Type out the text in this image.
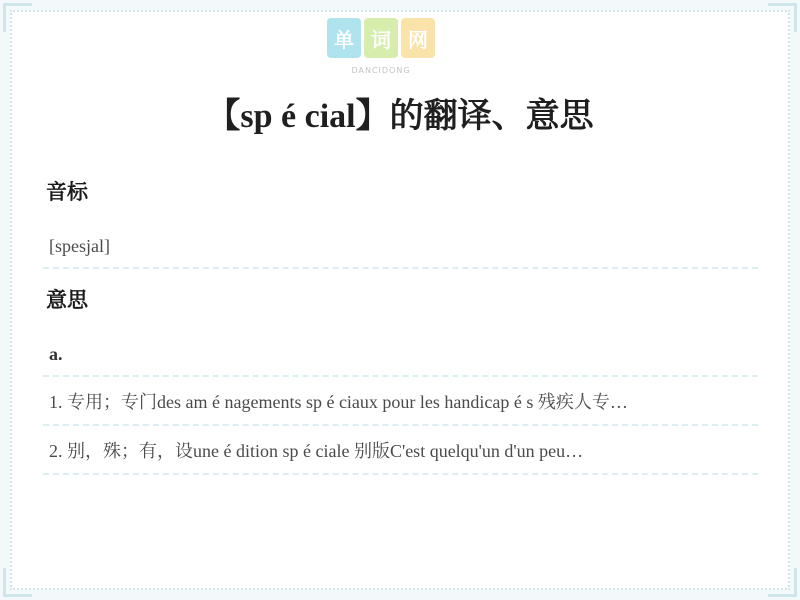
单 词 网
DANCIDONG
【sp é cial】的翻译、意思
音标
[spesjal]
意思
a.
1. 专用；专门des am é nagements sp é ciaux pour les handicap é s 残疾人专…
2. 别，殊；有，设une é dition sp é ciale 别版C'est quelqu'un d'un peu…
